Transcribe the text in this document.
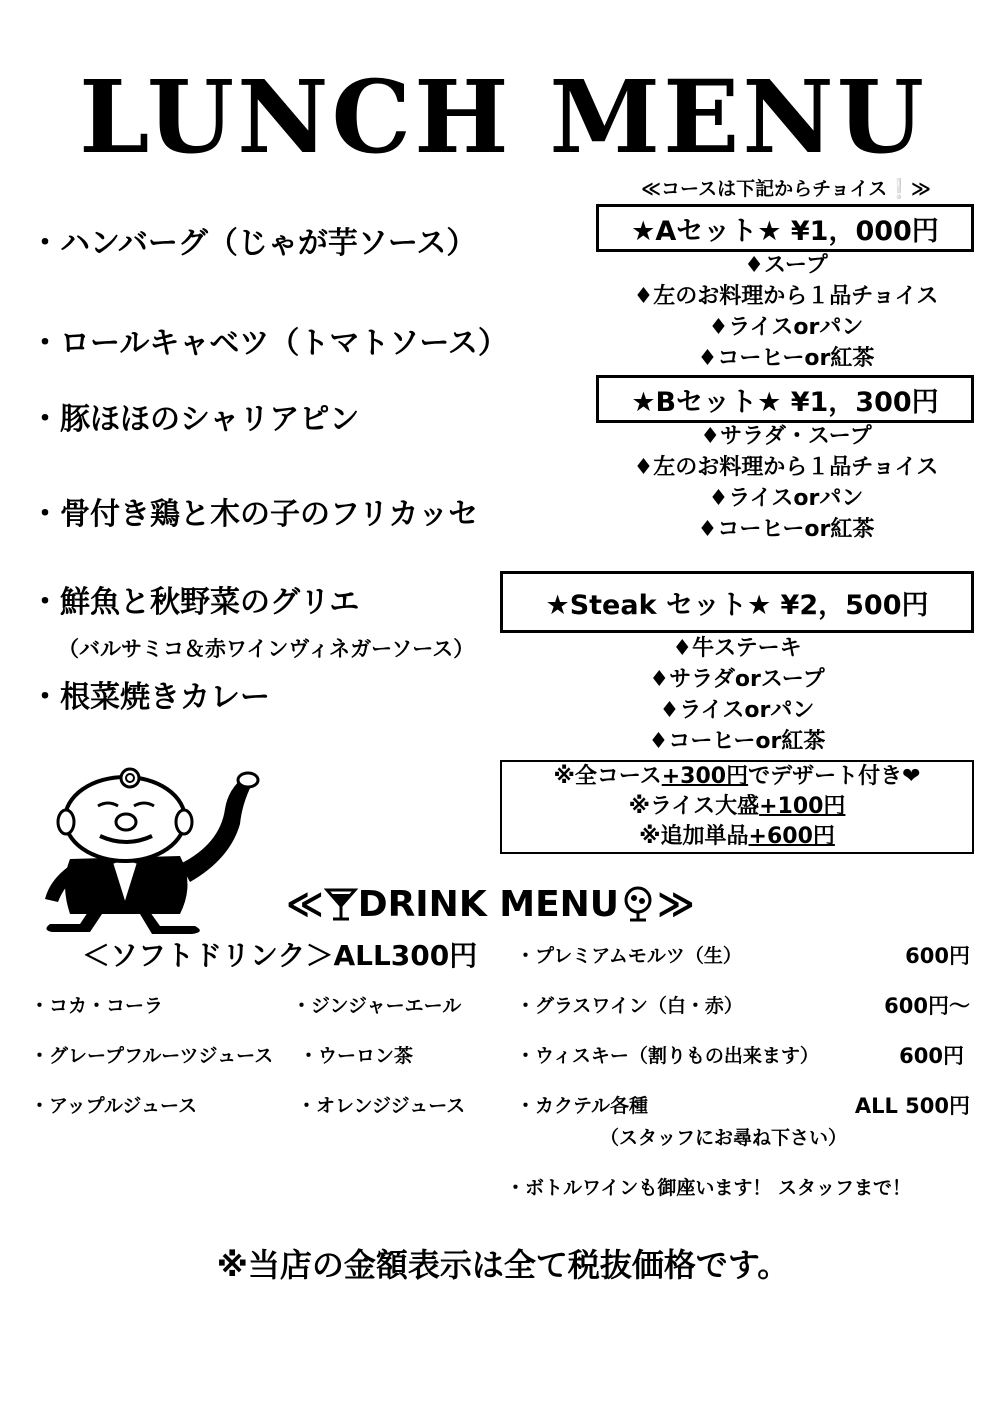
LUNCH MENU
・ハンバーグ（じゃが芋ソース）
・ロールキャベツ（トマトソース）
・豚ほほのシャリアピン
・骨付き鶏と木の子のフリカッセ
・鮮魚と秋野菜のグリエ
（バルサミコ＆赤ワインヴィネガーソース）
・根菜焼きカレー
≪コースは下記からチョイス❕≫
★Aセット★ ¥1，000円
♦スープ
♦左のお料理から１品チョイス
♦ライスorパン
♦コーヒーor紅茶
★Bセット★ ¥1，300円
♦サラダ・スープ
♦左のお料理から１品チョイス
♦ライスorパン
♦コーヒーor紅茶
★Steak セット★ ¥2，500円
♦牛ステーキ
♦サラダorスープ
♦ライスorパン
♦コーヒーor紅茶
※全コース+300円でデザート付き❤
※ライス大盛+100円
※追加単品+600円
≪ DRINK MENU ≫
＜ソフトドリンク＞ALL300円
・コカ・コーラ	・ジンジャーエール
・グレープフルーツジュース ・ウーロン茶
・アップルジュース	・オレンジジュース
・プレミアムモルツ（生）	600円
・グラスワイン（白・赤）	600円～
・ウィスキー（割りもの出来ます）	600円
・カクテル各種	ALL 500円
（スタッフにお尋ね下さい）
・ボトルワインも御座います！ スタッフまで！
※当店の金額表示は全て税抜価格です。
